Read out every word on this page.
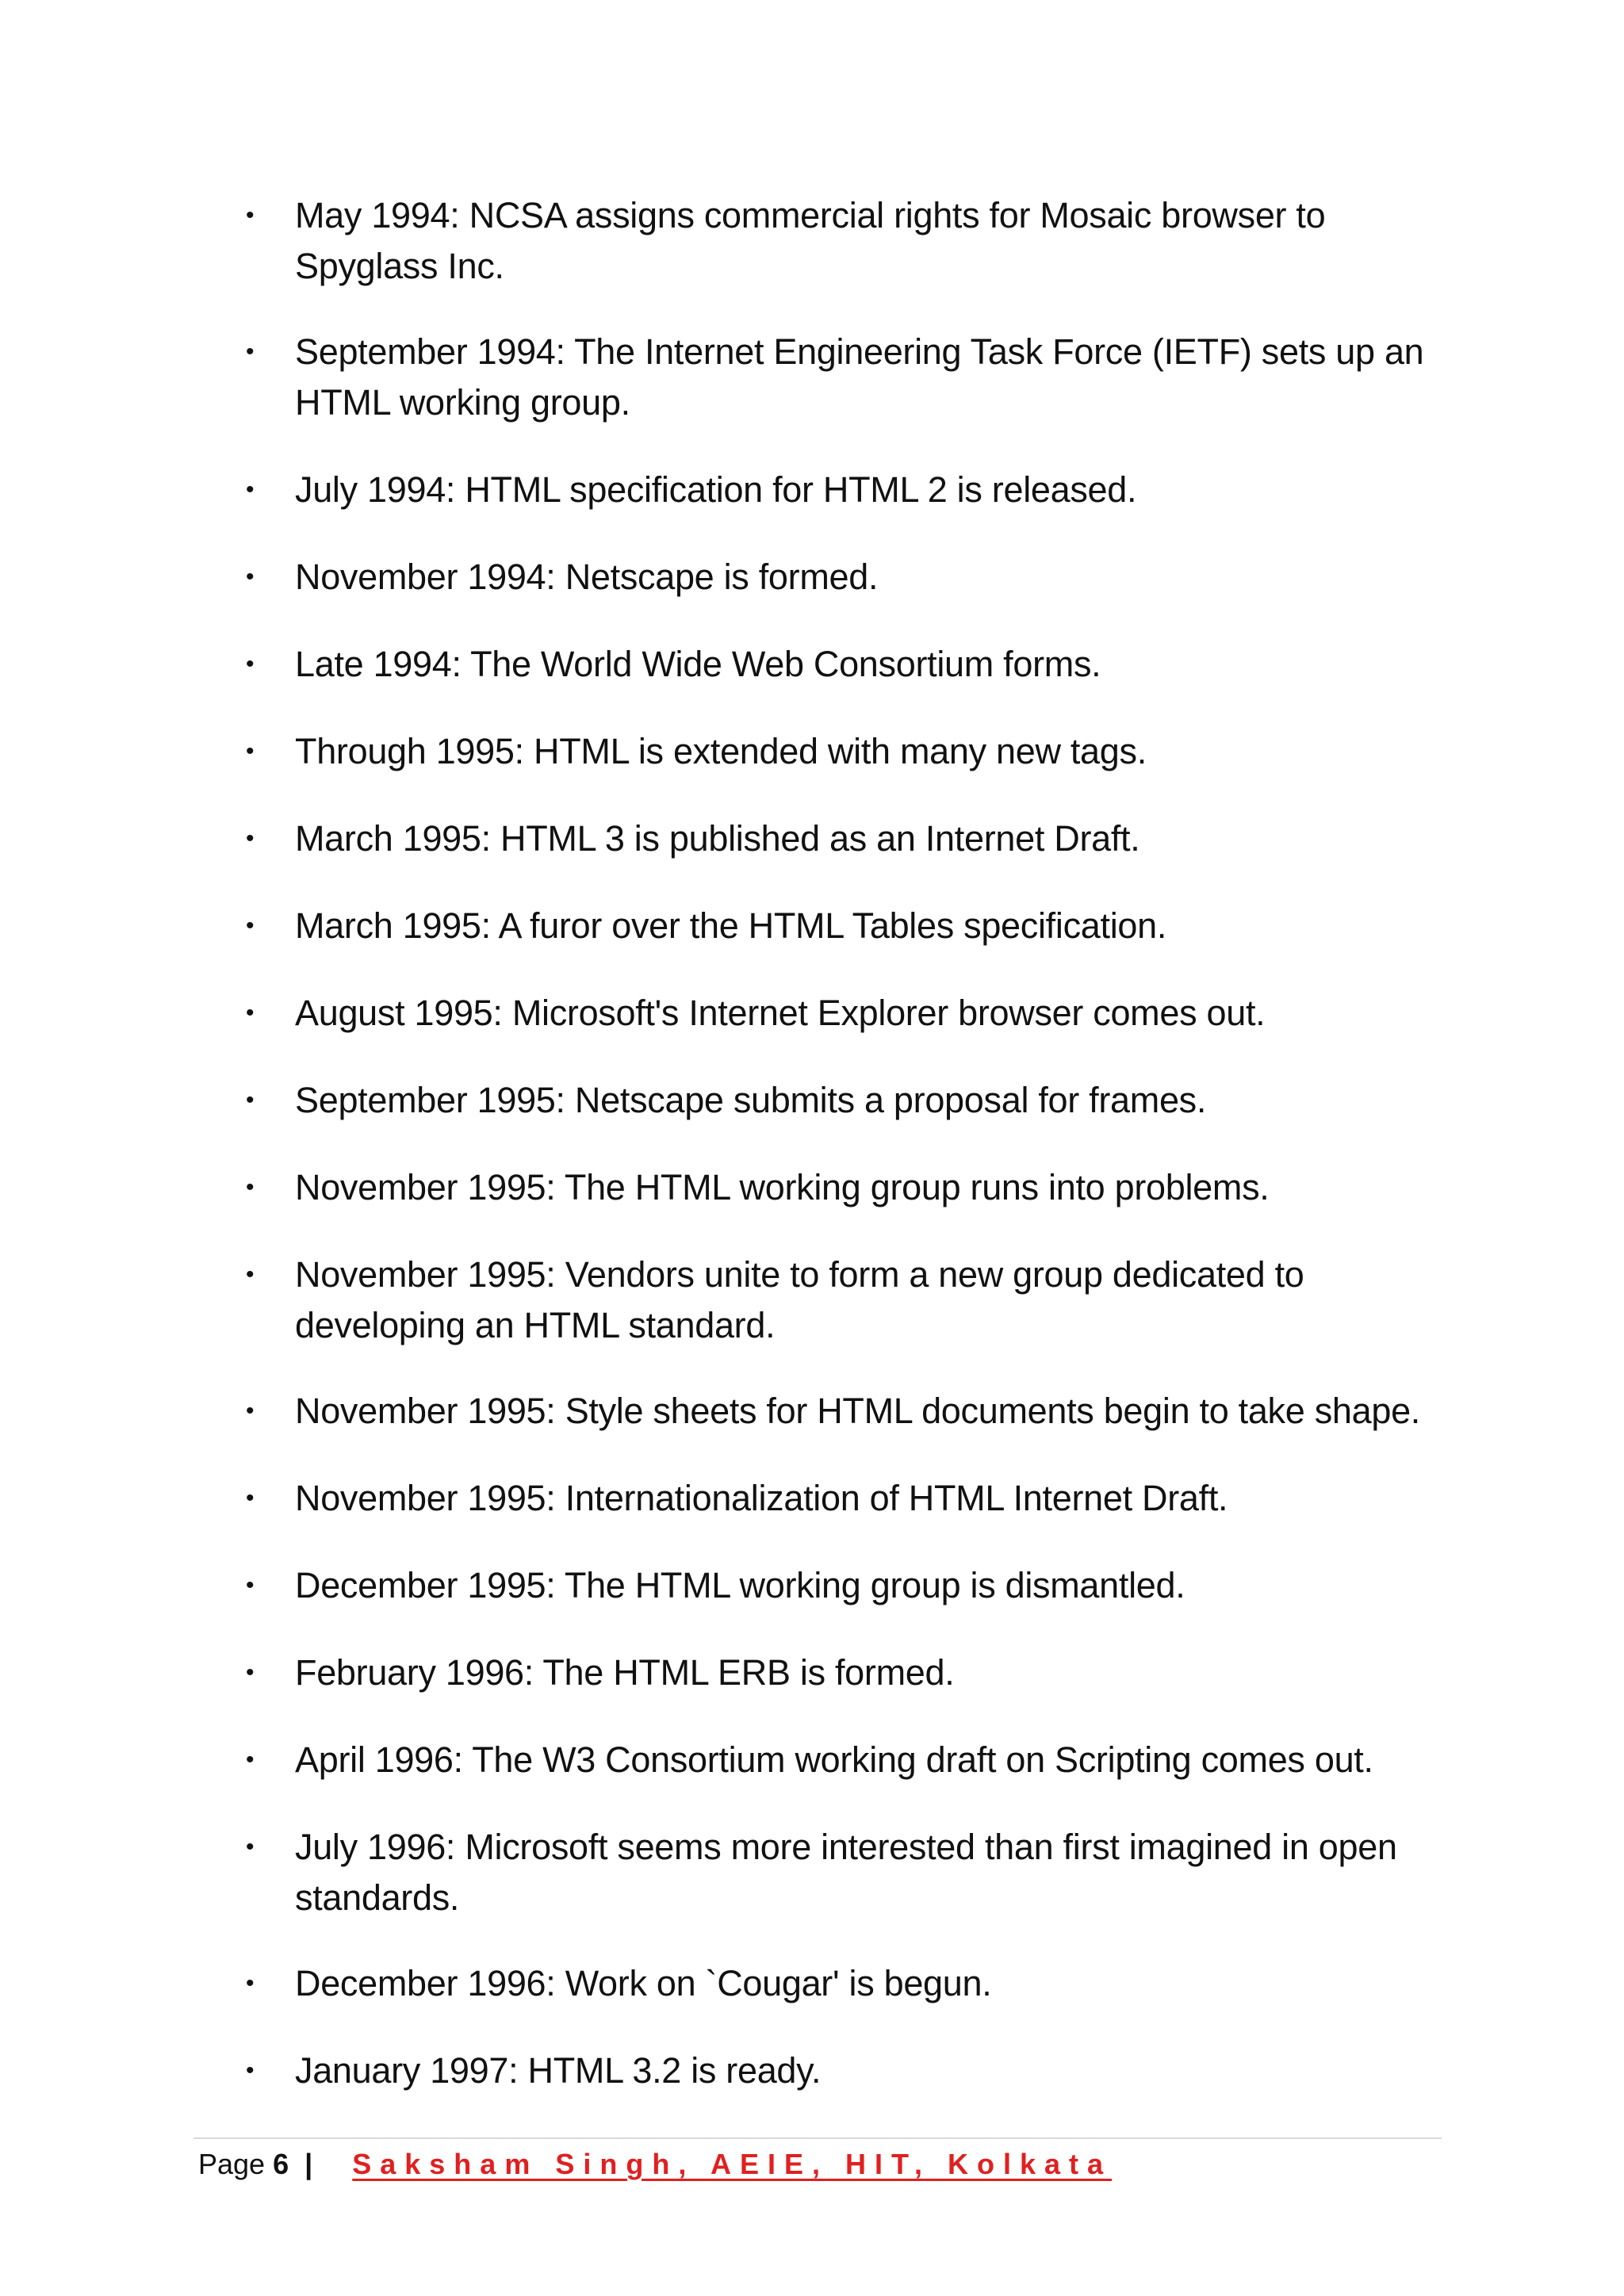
• May 1994: NCSA assigns commercial rights for Mosaic browser to Spyglass Inc.
• September 1994: The Internet Engineering Task Force (IETF) sets up an HTML working group.
• July 1994: HTML specification for HTML 2 is released.
• November 1994: Netscape is formed.
• Late 1994: The World Wide Web Consortium forms.
• Through 1995: HTML is extended with many new tags.
• March 1995: HTML 3 is published as an Internet Draft.
• March 1995: A furor over the HTML Tables specification.
• August 1995: Microsoft's Internet Explorer browser comes out.
• September 1995: Netscape submits a proposal for frames.
• November 1995: The HTML working group runs into problems.
• November 1995: Vendors unite to form a new group dedicated to developing an HTML standard.
• November 1995: Style sheets for HTML documents begin to take shape.
• November 1995: Internationalization of HTML Internet Draft.
• December 1995: The HTML working group is dismantled.
• February 1996: The HTML ERB is formed.
• April 1996: The W3 Consortium working draft on Scripting comes out.
• July 1996: Microsoft seems more interested than first imagined in open standards.
• December 1996: Work on `Cougar' is begun.
• January 1997: HTML 3.2 is ready.
Page 6 | Saksham Singh, AEIE, HIT, Kolkata
